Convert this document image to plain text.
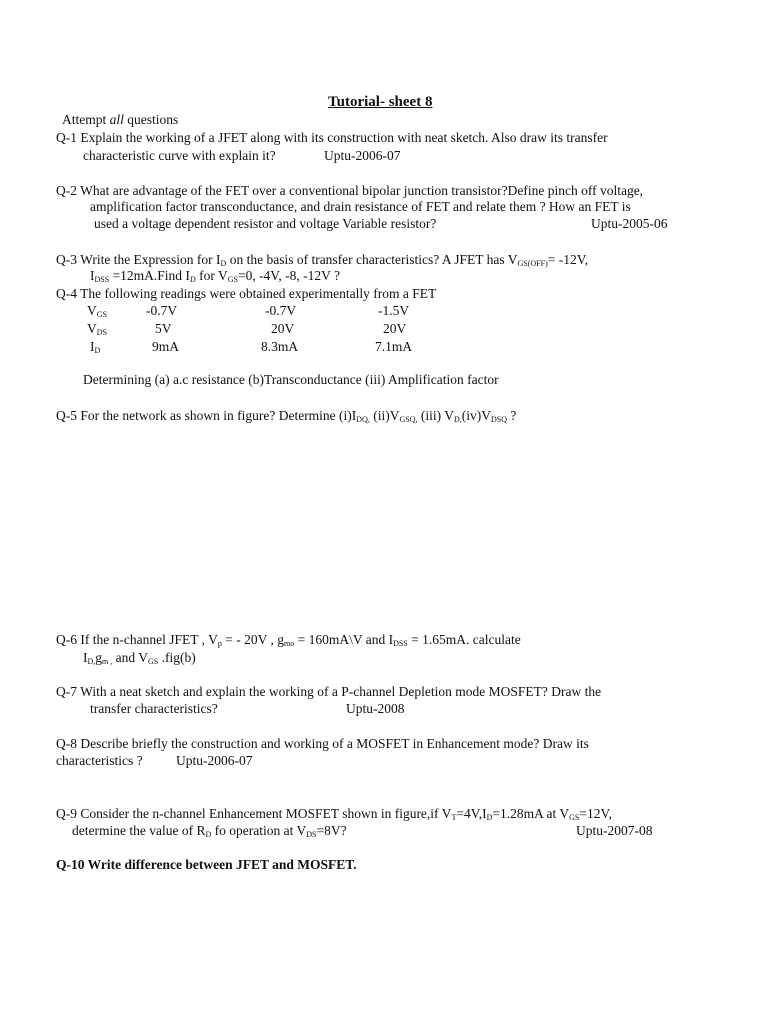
Tutorial- sheet 8
Attempt all questions
Q-1 Explain the working of a JFET along with its construction with neat sketch. Also draw its transfer
characteristic curve with explain it?	Uptu-2006-07
Q-2 What are advantage of the FET over a conventional bipolar junction transistor?Define pinch off voltage,
amplification factor transconductance, and drain resistance of FET and relate them ? How an FET is
used a voltage dependent resistor and voltage Variable resistor?	Uptu-2005-06
Q-3 Write the Expression for $I_D$ on the basis of transfer characteristics? A JFET has $V_{GS(OFF)}= -12V$,
$I_{DSS}$ =12mA.Find $I_D$ for $V_{GS}=0$, -4V, -8, -12V ?
Q-4 The following readings were obtained experimentally from a FET
$V_{GS}$	-0.7V	-0.7V	-1.5V
$V_{DS}$	5V	20V	20V
$I_D$	9mA	8.3mA	7.1mA
Determining (a) a.c resistance (b)Transconductance (iii) Amplification factor
Q-5 For the network as shown in figure? Determine $(i)I_{DQ,}$ $(ii)V_{GSQ,}$ (iii) $V_{D,}(iv)V_{DSQ}$ ?
Q-6 If the n-channel JFET , $V_p$ = - 20V , $g_{mo}$ = 160mA\V and $I_{DSS} = 1.65mA$. calculate
$I_{D,}g_{m ,}$ and $V_{GS}$ .fig(b)
Q-7 With a neat sketch and explain the working of a P-channel Depletion mode MOSFET? Draw the
transfer characteristics?	Uptu-2008
Q-8 Describe briefly the construction and working of a MOSFET in Enhancement mode? Draw its
characteristics ? Uptu-2006-07
Q-9 Consider the n-channel Enhancement MOSFET shown in figure,if $V_T=4V,I_D=1.28mA$ at $V_{GS}=12V$,
determine the value of $R_D$ fo operation at $V_{DS}=8V$?	Uptu-2007-08
Q-10 Write difference between JFET and MOSFET.
